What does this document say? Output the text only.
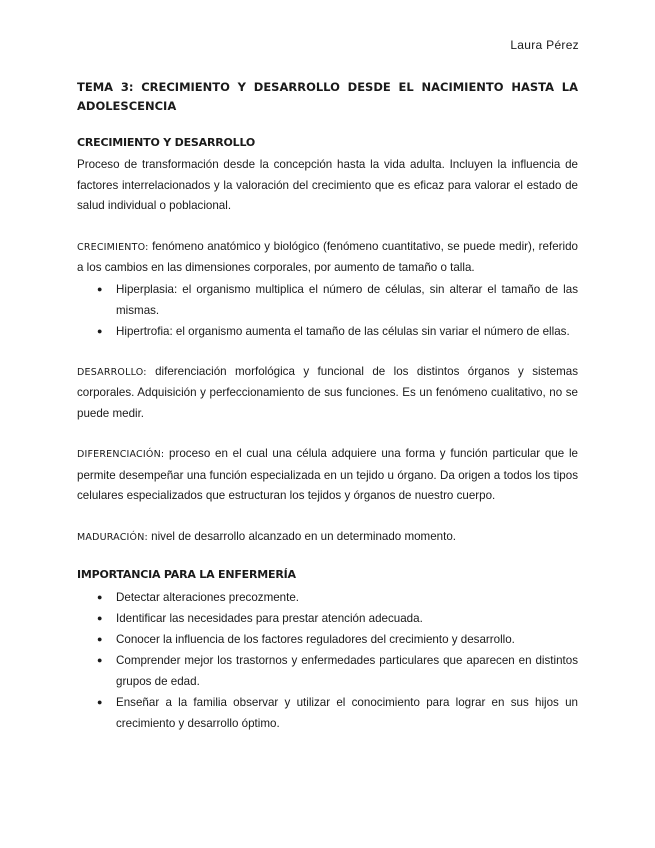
Laura Pérez
TEMA 3: CRECIMIENTO Y DESARROLLO DESDE EL NACIMIENTO HASTA LA ADOLESCENCIA
CRECIMIENTO Y DESARROLLO

Proceso de transformación desde la concepción hasta la vida adulta. Incluyen la influencia de factores interrelacionados y la valoración del crecimiento que es eficaz para valorar el estado de salud individual o poblacional.

CRECIMIENTO: fenómeno anatómico y biológico (fenómeno cuantitativo, se puede medir), referido a los cambios en las dimensiones corporales, por aumento de tamaño o talla.

● Hiperplasia: el organismo multiplica el número de células, sin alterar el tamaño de las mismas.
● Hipertrofia: el organismo aumenta el tamaño de las células sin variar el número de ellas.

DESARROLLO: diferenciación morfológica y funcional de los distintos órganos y sistemas corporales. Adquisición y perfeccionamiento de sus funciones. Es un fenómeno cualitativo, no se puede medir.

DIFERENCIACIÓN: proceso en el cual una célula adquiere una forma y función particular que le permite desempeñar una función especializada en un tejido u órgano. Da origen a todos los tipos celulares especializados que estructuran los tejidos y órganos de nuestro cuerpo.

MADURACIÓN: nivel de desarrollo alcanzado en un determinado momento.

IMPORTANCIA PARA LA ENFERMERÍA
● Detectar alteraciones precozmente.
● Identificar las necesidades para prestar atención adecuada.
● Conocer la influencia de los factores reguladores del crecimiento y desarrollo.
● Comprender mejor los trastornos y enfermedades particulares que aparecen en distintos grupos de edad.
● Enseñar a la familia observar y utilizar el conocimiento para lograr en sus hijos un crecimiento y desarrollo óptimo.
